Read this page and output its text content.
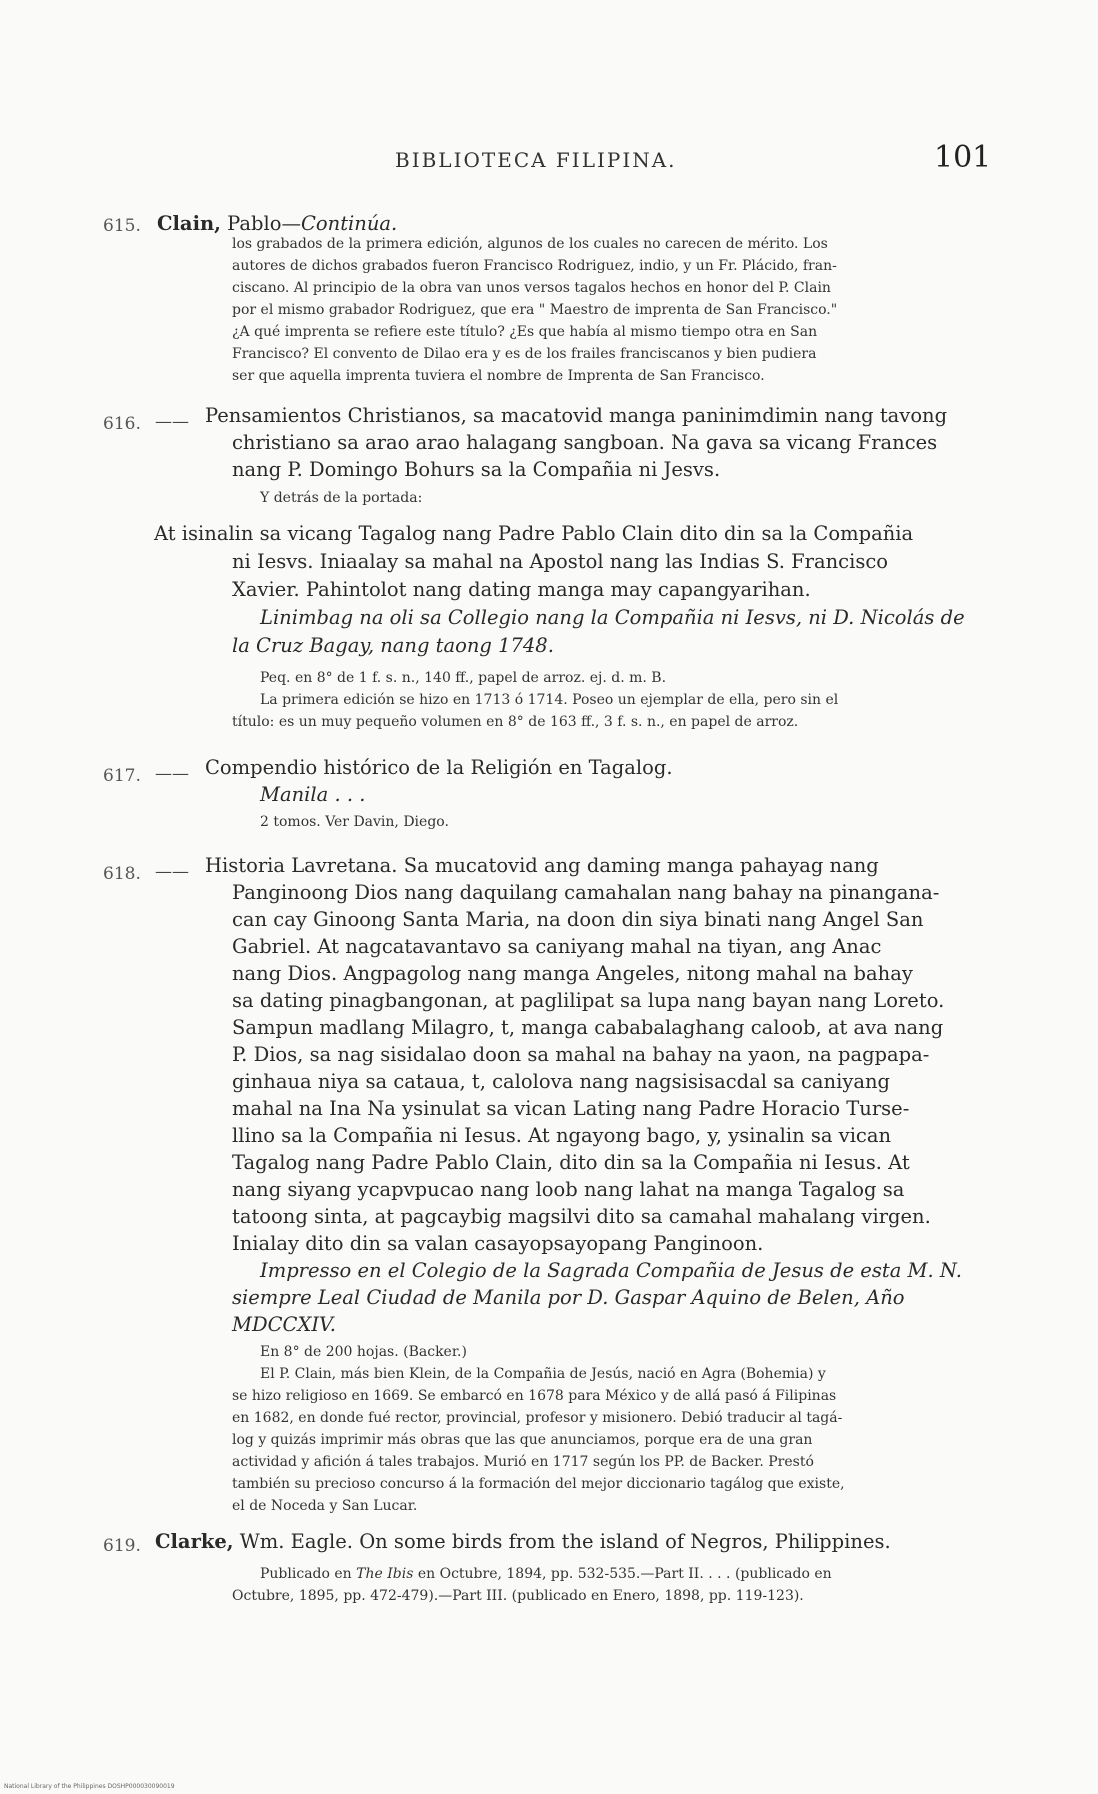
BIBLIOTECA FILIPINA.	101
615. Clain, Pablo—Continúa.
los grabados de la primera edición, algunos de los cuales no carecen de mérito. Los
autores de dichos grabados fueron Francisco Rodriguez, indio, y un Fr. Plácido, fran-
ciscano. Al principio de la obra van unos versos tagalos hechos en honor del P. Clain
por el mismo grabador Rodriguez, que era " Maestro de imprenta de San Francisco."
¿A qué imprenta se refiere este título? ¿Es que había al mismo tiempo otra en San
Francisco? El convento de Dilao era y es de los frailes franciscanos y bien pudiera
ser que aquella imprenta tuviera el nombre de Imprenta de San Francisco.
616. —— Pensamientos Christianos, sa macatovid manga paninimdimin nang tavong
christiano sa arao arao halagang sangboan. Na gava sa vicang Frances
nang P. Domingo Bohurs sa la Compañia ni Jesvs.
Y detrás de la portada:
At isinalin sa vicang Tagalog nang Padre Pablo Clain dito din sa la Compañia
ni Iesvs. Iniaalay sa mahal na Apostol nang las Indias S. Francisco
Xavier. Pahintolot nang dating manga may capangyarihan.
Linimbag na oli sa Collegio nang la Compañia ni Iesvs, ni D. Nicolás de
la Cruz Bagay, nang taong 1748.
Peq. en 8° de 1 f. s. n., 140 ff., papel de arroz. ej. d. m. B.
La primera edición se hizo en 1713 ó 1714. Poseo un ejemplar de ella, pero sin el
título: es un muy pequeño volumen en 8° de 163 ff., 3 f. s. n., en papel de arroz.
617. —— Compendio histórico de la Religión en Tagalog.
Manila . . .
2 tomos. Ver Davin, Diego.
618. —— Historia Lavretana. Sa mucatovid ang daming manga pahayag nang
Panginoong Dios nang daquilang camahalan nang bahay na pinangana-
can cay Ginoong Santa Maria, na doon din siya binati nang Angel San
Gabriel. At nagcatavantavo sa caniyang mahal na tiyan, ang Anac
nang Dios. Angpagolog nang manga Angeles, nitong mahal na bahay
sa dating pinagbangonan, at paglilipat sa lupa nang bayan nang Loreto.
Sampun madlang Milagro, t, manga cababalaghang caloob, at ava nang
P. Dios, sa nag sisidalao doon sa mahal na bahay na yaon, na pagpapa-
ginhaua niya sa cataua, t, calolova nang nagsisisacdal sa caniyang
mahal na Ina Na ysinulat sa vican Lating nang Padre Horacio Turse-
llino sa la Compañia ni Iesus. At ngayong bago, y, ysinalin sa vican
Tagalog nang Padre Pablo Clain, dito din sa la Compañia ni Iesus. At
nang siyang ycapvpucao nang loob nang lahat na manga Tagalog sa
tatoong sinta, at pagcaybig magsilvi dito sa camahal mahalang virgen.
Inialay dito din sa valan casayopsayopang Panginoon.
Impresso en el Colegio de la Sagrada Compañia de Jesus de esta M. N.
siempre Leal Ciudad de Manila por D. Gaspar Aquino de Belen, Año
MDCCXIV.
En 8° de 200 hojas. (Backer.)
El P. Clain, más bien Klein, de la Compañia de Jesús, nació en Agra (Bohemia) y
se hizo religioso en 1669. Se embarcó en 1678 para México y de allá pasó á Filipinas
en 1682, en donde fué rector, provincial, profesor y misionero. Debió traducir al tagá-
log y quizás imprimir más obras que las que anunciamos, porque era de una gran
actividad y afición á tales trabajos. Murió en 1717 según los PP. de Backer. Prestó
también su precioso concurso á la formación del mejor diccionario tagálog que existe,
el de Noceda y San Lucar.
619. Clarke, Wm. Eagle. On some birds from the island of Negros, Philippines.
Publicado en The Ibis en Octubre, 1894, pp. 532-535.—Part II. . . . (publicado en
Octubre, 1895, pp. 472-479).—Part III. (publicado en Enero, 1898, pp. 119-123).
National Library of the Philippines DOSHP000030090019
